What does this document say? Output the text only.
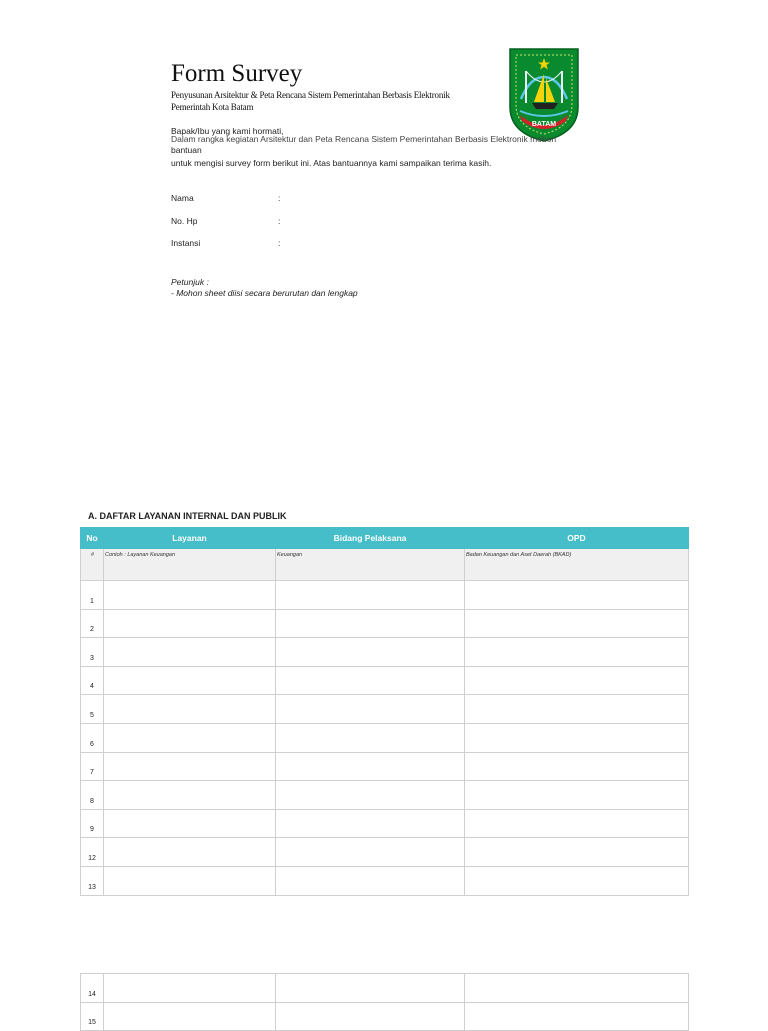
Form Survey
Penyusunan Arsitektur & Peta Rencana Sistem Pemerintahan Berbasis Elektronik
Pemerintah Kota Batam
BATAM
Bapak/Ibu yang kami hormati,
Dalam rangka kegiatan Arsitektur dan Peta Rencana Sistem Pemerintahan Berbasis Elektronik mohon
bantuan
untuk mengisi survey form berikut ini. Atas bantuannya kami sampaikan terima kasih.
Nama	:
No. Hp	:
Instansi	:
Petunjuk :
- Mohon sheet diisi secara berurutan dan lengkap
A. DAFTAR LAYANAN INTERNAL DAN PUBLIK
No	Layanan	Bidang Pelaksana	OPD
#	Contoh : Layanan Keuangan	Keuangan	Badan Keuangan dan Aset Daerah (BKAD)
1			
2			
3			
4			
5			
6			
7			
8			
9			
12			
13			
14			
15			
